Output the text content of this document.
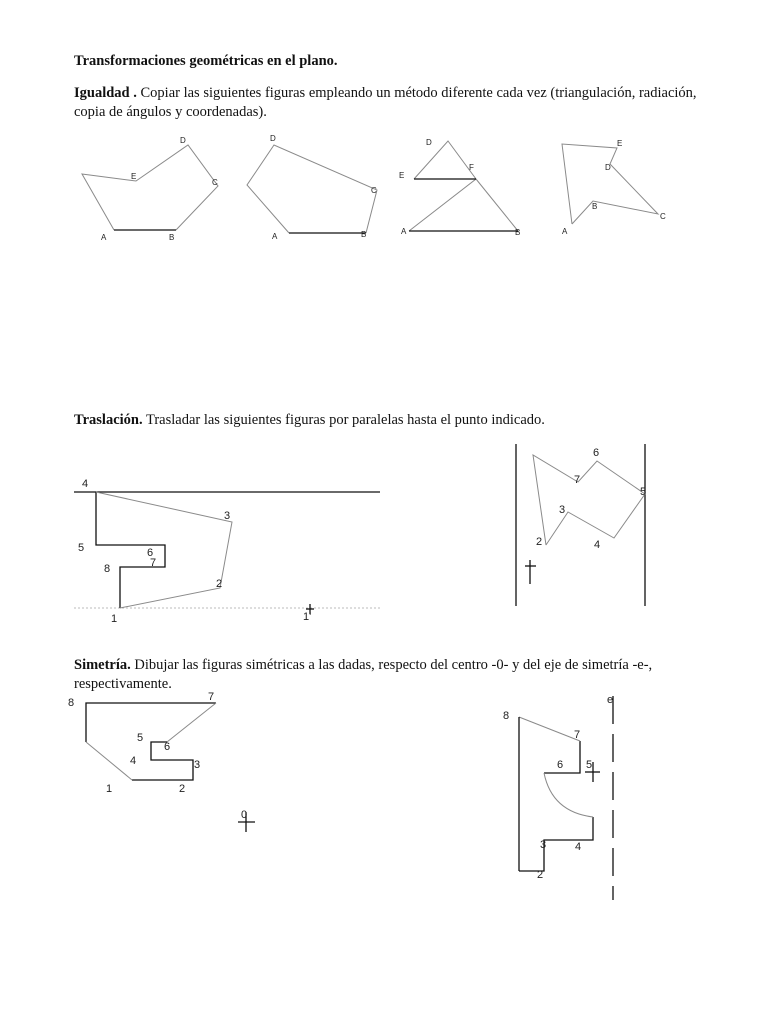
Transformaciones geométricas en el plano.

Igualdad . Copiar las siguientes figuras empleando un método diferente cada vez (triangulación, radiación, copia de ángulos y coordenadas).

Traslación. Trasladar las siguientes figuras por paralelas hasta el punto indicado.

Simetría. Dibujar las figuras simétricas a las dadas, respecto del centro -0- y del eje de simetría -e-, respectivamente.

A	B
C
D
E
A	B
C
D
A	B
E
D
F
A
B
C
D
E
1
2
3
4
5	6
7
8
1'
2
3
4
5
6
7
1	2
3
4
5
6
7
8
0
2
3	4
5
6
7
8
e
